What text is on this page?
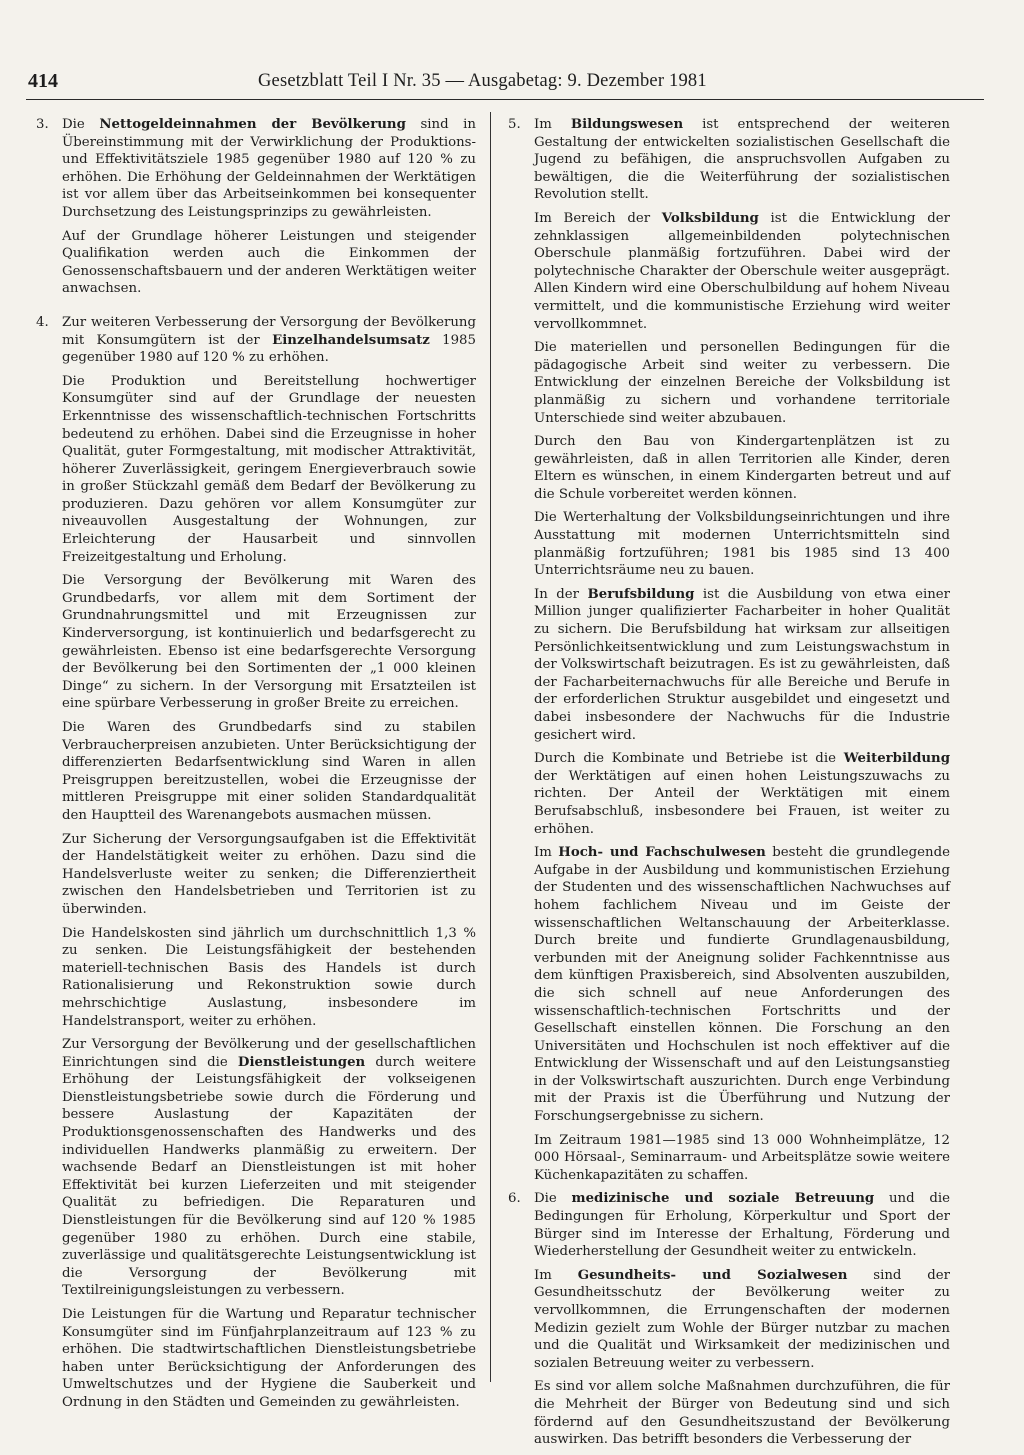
414	Gesetzblatt Teil I Nr. 35 — Ausgabetag: 9. Dezember 1981
3. Die Nettogeldeinnahmen der Bevölkerung sind in Übereinstimmung mit der Verwirklichung der Produktions- und Effektivitätsziele 1985 gegenüber 1980 auf 120 % zu erhöhen. Die Erhöhung der Geldeinnahmen der Werktätigen ist vor allem über das Arbeitseinkommen bei konsequenter Durchsetzung des Leistungsprinzips zu gewährleisten.

Auf der Grundlage höherer Leistungen und steigender Qualifikation werden auch die Einkommen der Genossenschaftsbauern und der anderen Werktätigen weiter anwachsen.

4. Zur weiteren Verbesserung der Versorgung der Bevölkerung mit Konsumgütern ist der Einzelhandelsumsatz 1985 gegenüber 1980 auf 120 % zu erhöhen.

Die Produktion und Bereitstellung hochwertiger Konsumgüter sind auf der Grundlage der neuesten Erkenntnisse des wissenschaftlich-technischen Fortschritts bedeutend zu erhöhen. Dabei sind die Erzeugnisse in hoher Qualität, guter Formgestaltung, mit modischer Attraktivität, höherer Zuverlässigkeit, geringem Energieverbrauch sowie in großer Stückzahl gemäß dem Bedarf der Bevölkerung zu produzieren. Dazu gehören vor allem Konsumgüter zur niveauvollen Ausgestaltung der Wohnungen, zur Erleichterung der Hausarbeit und sinnvollen Freizeitgestaltung und Erholung.

Die Versorgung der Bevölkerung mit Waren des Grundbedarfs, vor allem mit dem Sortiment der Grundnahrungsmittel und mit Erzeugnissen zur Kinderversorgung, ist kontinuierlich und bedarfsgerecht zu gewährleisten. Ebenso ist eine bedarfsgerechte Versorgung der Bevölkerung bei den Sortimenten der „1 000 kleinen Dinge“ zu sichern. In der Versorgung mit Ersatzteilen ist eine spürbare Verbesserung in großer Breite zu erreichen.

Die Waren des Grundbedarfs sind zu stabilen Verbraucherpreisen anzubieten. Unter Berücksichtigung der differenzierten Bedarfsentwicklung sind Waren in allen Preisgruppen bereitzustellen, wobei die Erzeugnisse der mittleren Preisgruppe mit einer soliden Standardqualität den Hauptteil des Warenangebots ausmachen müssen.

Zur Sicherung der Versorgungsaufgaben ist die Effektivität der Handelstätigkeit weiter zu erhöhen. Dazu sind die Handelsverluste weiter zu senken; die Differenziertheit zwischen den Handelsbetrieben und Territorien ist zu überwinden.

Die Handelskosten sind jährlich um durchschnittlich 1,3 % zu senken. Die Leistungsfähigkeit der bestehenden materiell-technischen Basis des Handels ist durch Rationalisierung und Rekonstruktion sowie durch mehrschichtige Auslastung, insbesondere im Handelstransport, weiter zu erhöhen.

Zur Versorgung der Bevölkerung und der gesellschaftlichen Einrichtungen sind die Dienstleistungen durch weitere Erhöhung der Leistungsfähigkeit der volkseigenen Dienstleistungsbetriebe sowie durch die Förderung und bessere Auslastung der Kapazitäten der Produktionsgenossenschaften des Handwerks und des individuellen Handwerks planmäßig zu erweitern. Der wachsende Bedarf an Dienstleistungen ist mit hoher Effektivität bei kurzen Lieferzeiten und mit steigender Qualität zu befriedigen. Die Reparaturen und Dienstleistungen für die Bevölkerung sind auf 120 % 1985 gegenüber 1980 zu erhöhen. Durch eine stabile, zuverlässige und qualitätsgerechte Leistungsentwicklung ist die Versorgung der Bevölkerung mit Textilreinigungsleistungen zu verbessern.

Die Leistungen für die Wartung und Reparatur technischer Konsumgüter sind im Fünfjahrplanzeitraum auf 123 % zu erhöhen. Die stadtwirtschaftlichen Dienstleistungsbetriebe haben unter Berücksichtigung der Anforderungen des Umweltschutzes und der Hygiene die Sauberkeit und Ordnung in den Städten und Gemeinden zu gewährleisten.

5. Im Bildungswesen ist entsprechend der weiteren Gestaltung der entwickelten sozialistischen Gesellschaft die Jugend zu befähigen, die anspruchsvollen Aufgaben zu bewältigen, die die Weiterführung der sozialistischen Revolution stellt.

Im Bereich der Volksbildung ist die Entwicklung der zehnklassigen allgemeinbildenden polytechnischen Oberschule planmäßig fortzuführen. Dabei wird der polytechnische Charakter der Oberschule weiter ausgeprägt. Allen Kindern wird eine Oberschulbildung auf hohem Niveau vermittelt, und die kommunistische Erziehung wird weiter vervollkommnet.

Die materiellen und personellen Bedingungen für die pädagogische Arbeit sind weiter zu verbessern. Die Entwicklung der einzelnen Bereiche der Volksbildung ist planmäßig zu sichern und vorhandene territoriale Unterschiede sind weiter abzubauen.

Durch den Bau von Kindergartenplätzen ist zu gewährleisten, daß in allen Territorien alle Kinder, deren Eltern es wünschen, in einem Kindergarten betreut und auf die Schule vorbereitet werden können.

Die Werterhaltung der Volksbildungseinrichtungen und ihre Ausstattung mit modernen Unterrichtsmitteln sind planmäßig fortzuführen; 1981 bis 1985 sind 13 400 Unterrichtsräume neu zu bauen.

In der Berufsbildung ist die Ausbildung von etwa einer Million junger qualifizierter Facharbeiter in hoher Qualität zu sichern. Die Berufsbildung hat wirksam zur allseitigen Persönlichkeitsentwicklung und zum Leistungswachstum in der Volkswirtschaft beizutragen. Es ist zu gewährleisten, daß der Facharbeiternachwuchs für alle Bereiche und Berufe in der erforderlichen Struktur ausgebildet und eingesetzt und dabei insbesondere der Nachwuchs für die Industrie gesichert wird.

Durch die Kombinate und Betriebe ist die Weiterbildung der Werktätigen auf einen hohen Leistungszuwachs zu richten. Der Anteil der Werktätigen mit einem Berufsabschluß, insbesondere bei Frauen, ist weiter zu erhöhen.

Im Hoch- und Fachschulwesen besteht die grundlegende Aufgabe in der Ausbildung und kommunistischen Erziehung der Studenten und des wissenschaftlichen Nachwuchses auf hohem fachlichem Niveau und im Geiste der wissenschaftlichen Weltanschauung der Arbeiterklasse. Durch breite und fundierte Grundlagenausbildung, verbunden mit der Aneignung solider Fachkenntnisse aus dem künftigen Praxisbereich, sind Absolventen auszubilden, die sich schnell auf neue Anforderungen des wissenschaftlich-technischen Fortschritts und der Gesellschaft einstellen können. Die Forschung an den Universitäten und Hochschulen ist noch effektiver auf die Entwicklung der Wissenschaft und auf den Leistungsanstieg in der Volkswirtschaft auszurichten. Durch enge Verbindung mit der Praxis ist die Überführung und Nutzung der Forschungsergebnisse zu sichern.

Im Zeitraum 1981—1985 sind 13 000 Wohnheimplätze, 12 000 Hörsaal-, Seminarraum- und Arbeitsplätze sowie weitere Küchenkapazitäten zu schaffen.

6. Die medizinische und soziale Betreuung und die Bedingungen für Erholung, Körperkultur und Sport der Bürger sind im Interesse der Erhaltung, Förderung und Wiederherstellung der Gesundheit weiter zu entwickeln.

Im Gesundheits- und Sozialwesen sind der Gesundheitsschutz der Bevölkerung weiter zu vervollkommnen, die Errungenschaften der modernen Medizin gezielt zum Wohle der Bürger nutzbar zu machen und die Qualität und Wirksamkeit der medizinischen und sozialen Betreuung weiter zu verbessern.

Es sind vor allem solche Maßnahmen durchzuführen, die für die Mehrheit der Bürger von Bedeutung sind und sich fördernd auf den Gesundheitszustand der Bevölkerung auswirken. Das betrifft besonders die Verbesserung der
